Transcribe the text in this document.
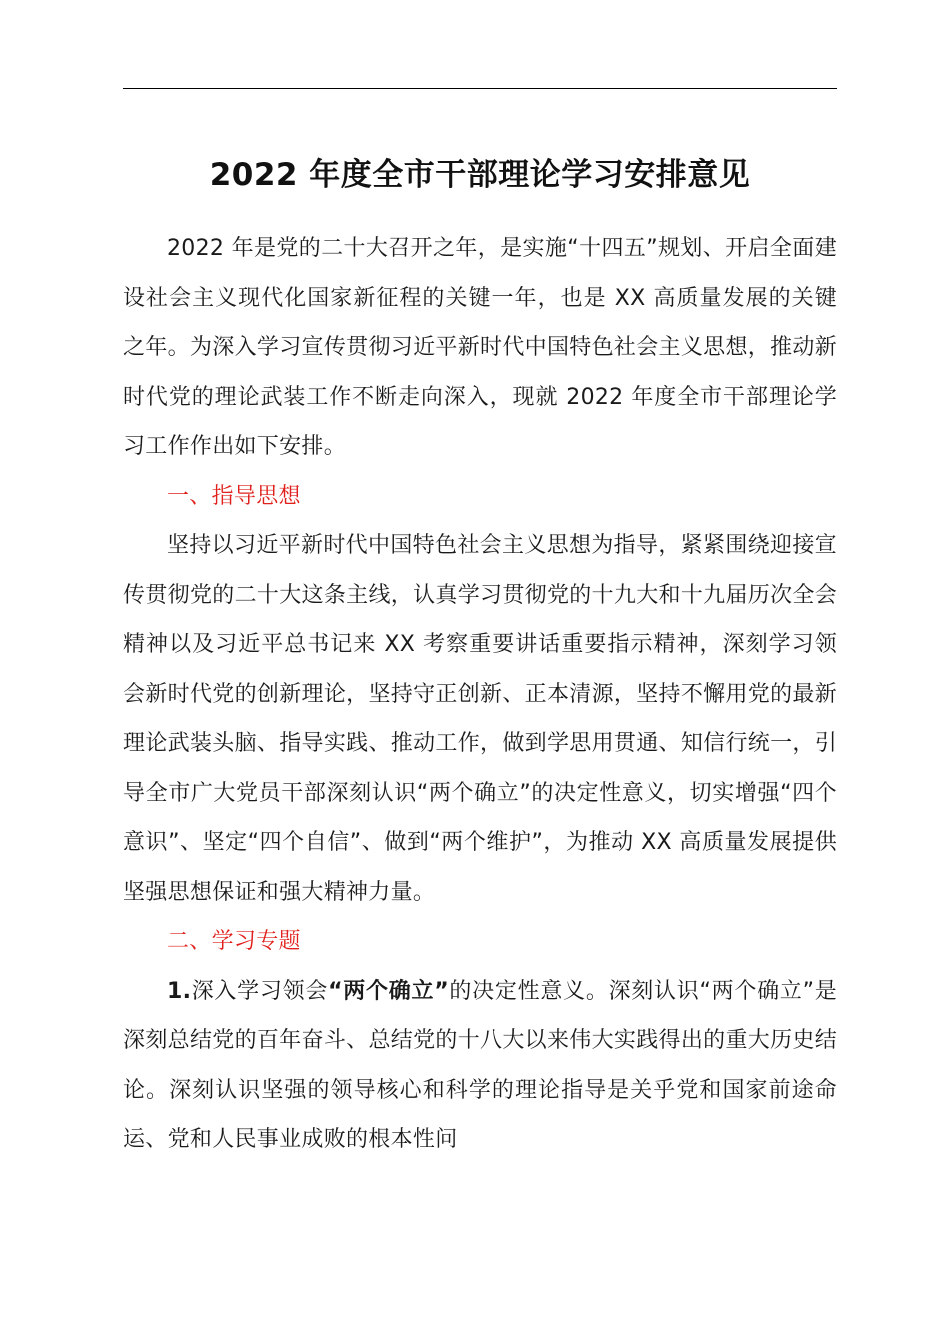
2022 年度全市干部理论学习安排意见

2022 年是党的二十大召开之年，是实施“十四五”规划、开启全面建设社会主义现代化国家新征程的关键一年，也是 XX 高质量发展的关键之年。为深入学习宣传贯彻习近平新时代中国特色社会主义思想，推动新时代党的理论武装工作不断走向深入，现就 2022 年度全市干部理论学习工作作出如下安排。

一、指导思想

坚持以习近平新时代中国特色社会主义思想为指导，紧紧围绕迎接宣传贯彻党的二十大这条主线，认真学习贯彻党的十九大和十九届历次全会精神以及习近平总书记来 XX 考察重要讲话重要指示精神，深刻学习领会新时代党的创新理论，坚持守正创新、正本清源，坚持不懈用党的最新理论武装头脑、指导实践、推动工作，做到学思用贯通、知信行统一，引导全市广大党员干部深刻认识“两个确立”的决定性意义，切实增强“四个意识”、坚定“四个自信”、做到“两个维护”，为推动 XX 高质量发展提供坚强思想保证和强大精神力量。

二、学习专题

1.深入学习领会“两个确立”的决定性意义。深刻认识“两个确立”是深刻总结党的百年奋斗、总结党的十八大以来伟大实践得出的重大历史结论。深刻认识坚强的领导核心和科学的理论指导是关乎党和国家前途命运、党和人民事业成败的根本性问
